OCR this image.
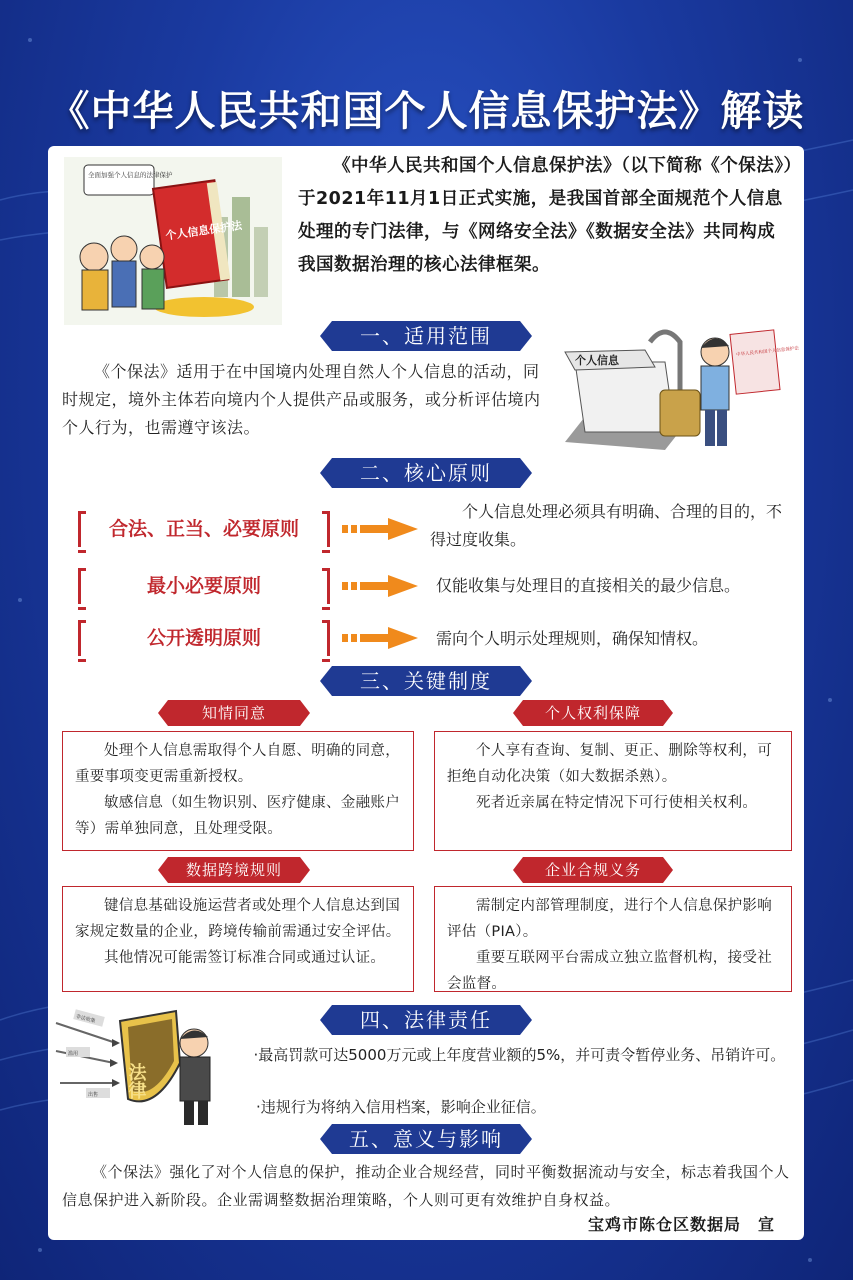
《中华人民共和国个人信息保护法》解读
全面加强个人信息的法律保护
个人信息保护法
《中华人民共和国个人信息保护法》（以下简称《个保法》）于2021年11月1日正式实施，是我国首部全面规范个人信息处理的专门法律，与《网络安全法》《数据安全法》共同构成我国数据治理的核心法律框架。
一、适用范围
《个保法》适用于在中国境内处理自然人个人信息的活动，同时规定，境外主体若向境内个人提供产品或服务，或分析评估境内个人行为，也需遵守该法。
个人信息
中华人民共和国个人信息保护法
二、核心原则
合法、正当、必要原则
个人信息处理必须具有明确、合理的目的，不得过度收集。
最小必要原则	仅能收集与处理目的直接相关的最少信息。
公开透明原则	需向个人明示处理规则，确保知情权。
三、关键制度
知情同意

处理个人信息需取得个人自愿、明确的同意，重要事项变更需重新授权。

敏感信息（如生物识别、医疗健康、金融账户等）需单独同意，且处理受限。

个人权利保障

个人享有查询、复制、更正、删除等权利，可拒绝自动化决策（如大数据杀熟）。

死者近亲属在特定情况下可行使相关权利。

数据跨境规则

键信息基础设施运营者或处理个人信息达到国家规定数量的企业，跨境传输前需通过安全评估。

其他情况可能需签订标准合同或通过认证。

企业合规义务

需制定内部管理制度，进行个人信息保护影响评估（PIA）。

重要互联网平台需成立独立监督机构，接受社会监督。

非法收集
滥用
出售 法律
四、法律责任
·最高罚款可达5000万元或上年度营业额的5%，并可责令暂停业务、吊销许可。
·违规行为将纳入信用档案，影响企业征信。
五、意义与影响
《个保法》强化了对个人信息的保护，推动企业合规经营，同时平衡数据流动与安全，标志着我国个人信息保护进入新阶段。企业需调整数据治理策略，个人则可更有效维护自身权益。
宝鸡市陈仓区数据局　宣
